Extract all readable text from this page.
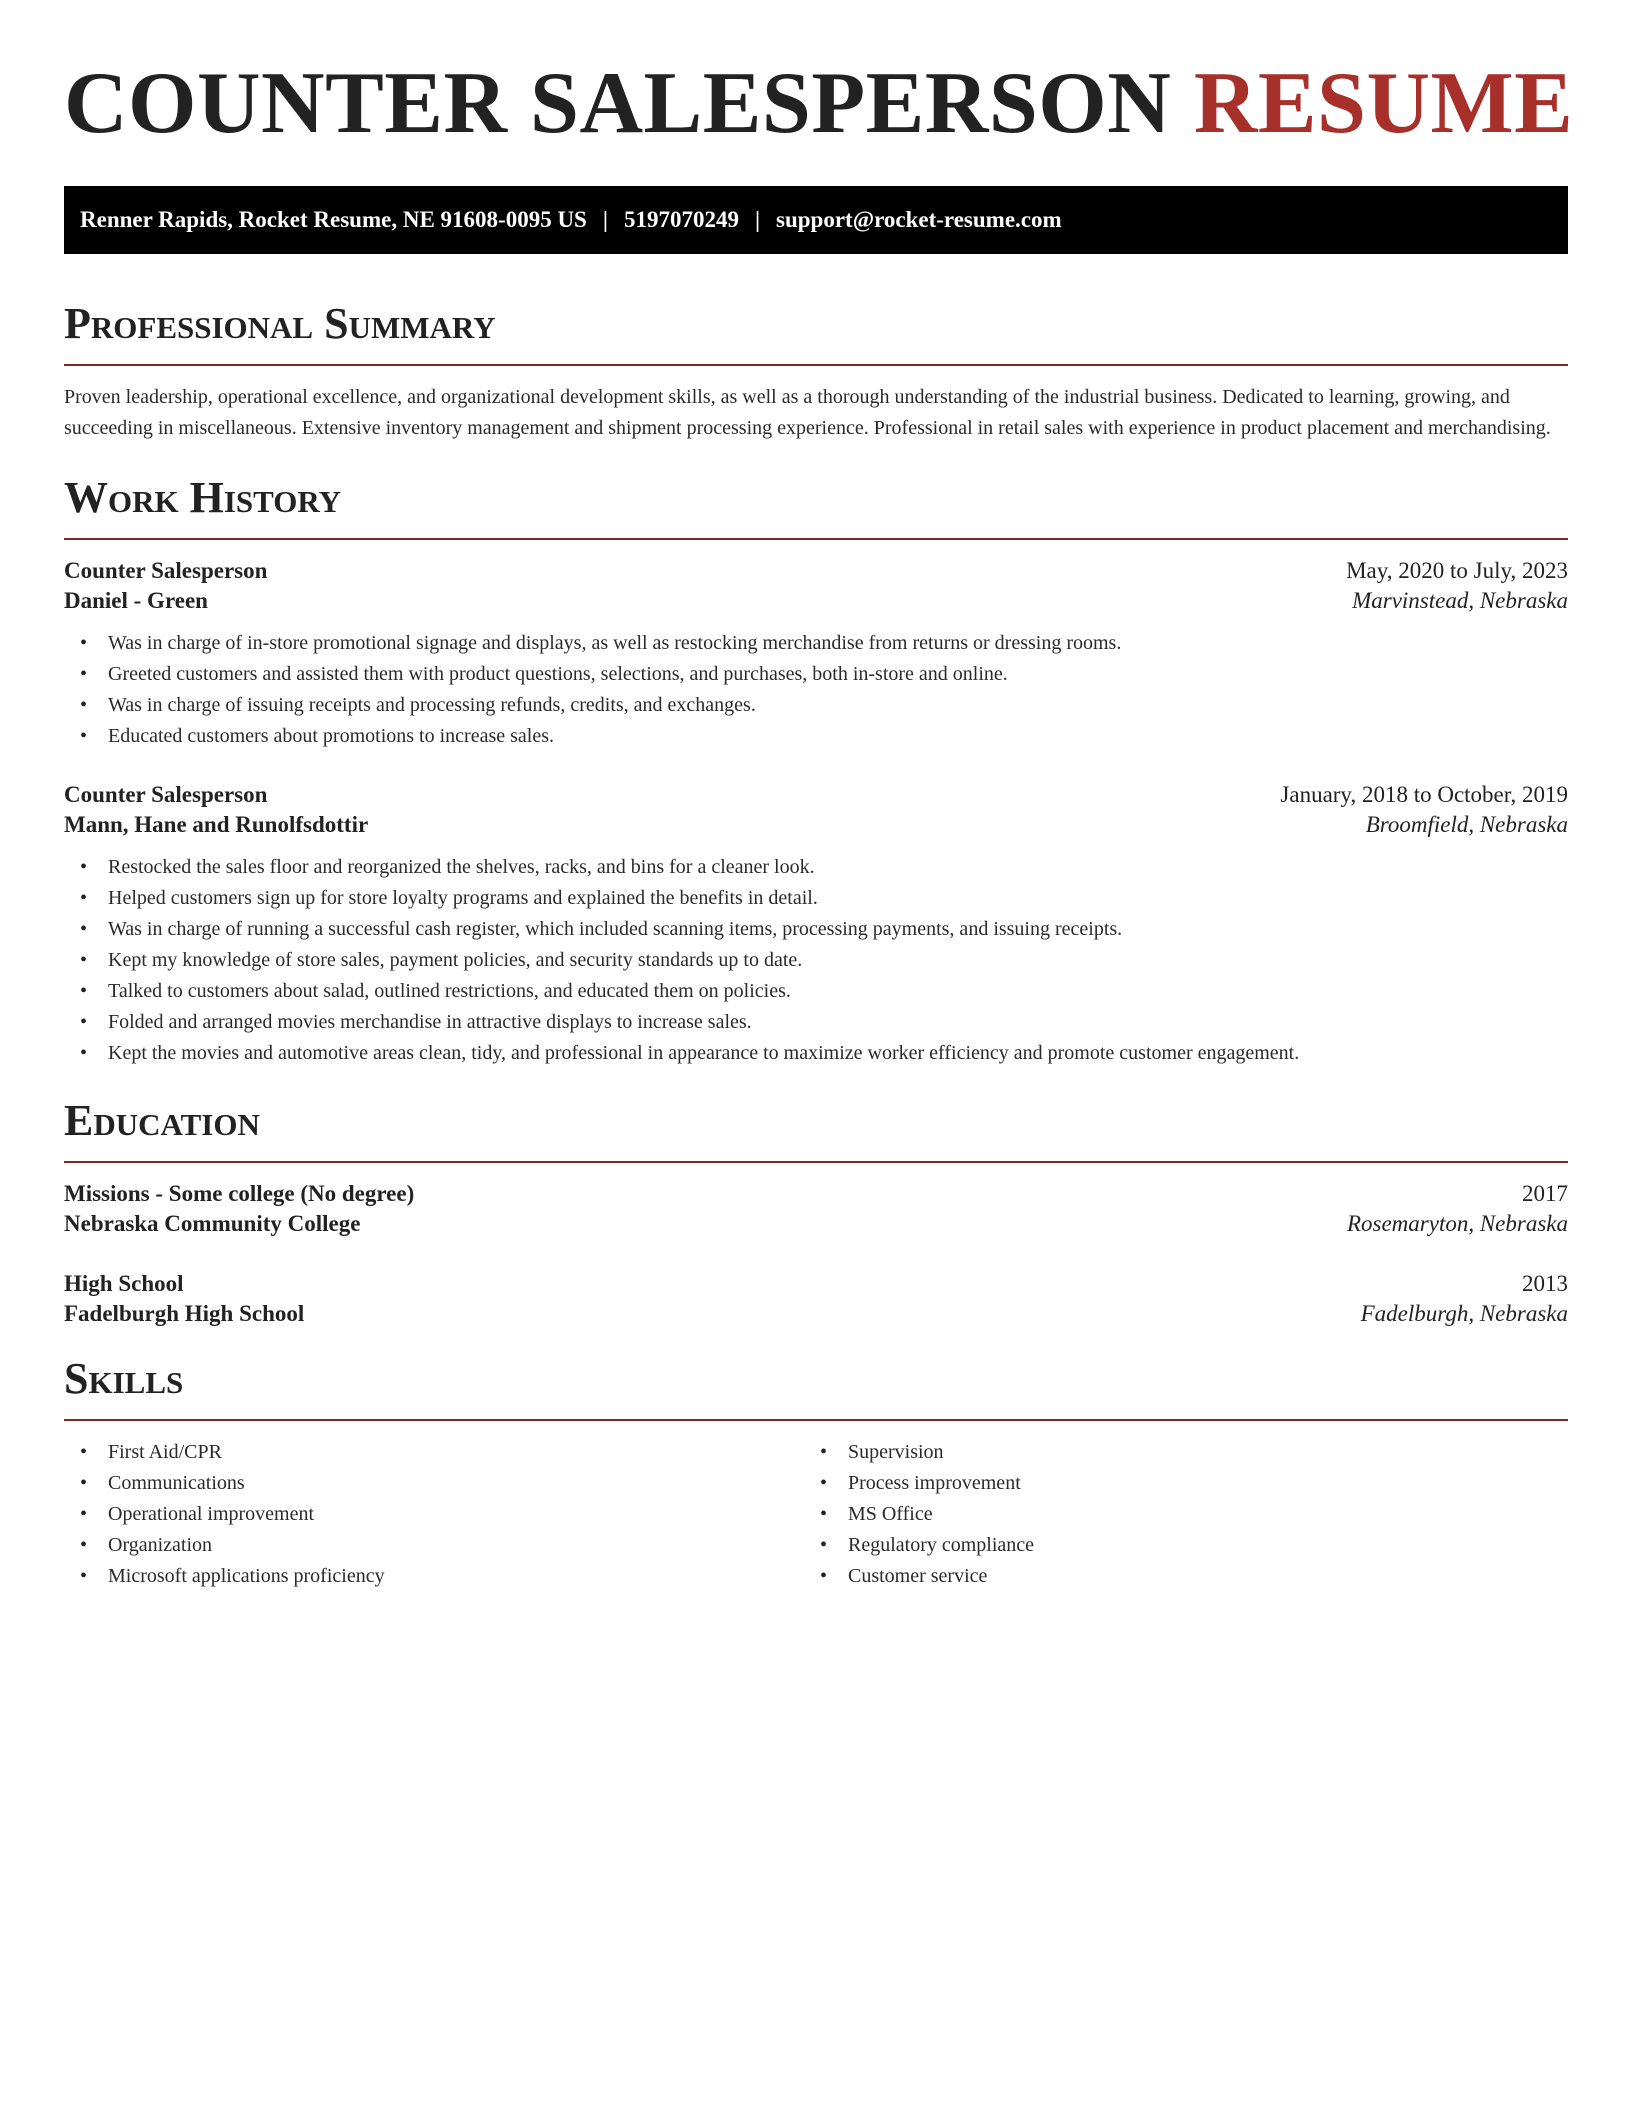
COUNTER SALESPERSON RESUME
Renner Rapids, Rocket Resume, NE 91608-0095 US | 5197070249 | support@rocket-resume.com
Professional Summary

Proven leadership, operational excellence, and organizational development skills, as well as a thorough understanding of the industrial business. Dedicated to learning, growing, and succeeding in miscellaneous. Extensive inventory management and shipment processing experience. Professional in retail sales with experience in product placement and merchandising.

Work History
Counter Salesperson	May, 2020 to July, 2023
Daniel - Green	Marvinstead, Nebraska
• Was in charge of in-store promotional signage and displays, as well as restocking merchandise from returns or dressing rooms.
• Greeted customers and assisted them with product questions, selections, and purchases, both in-store and online.
• Was in charge of issuing receipts and processing refunds, credits, and exchanges.
• Educated customers about promotions to increase sales.
Counter Salesperson	January, 2018 to October, 2019
Mann, Hane and Runolfsdottir	Broomfield, Nebraska
• Restocked the sales floor and reorganized the shelves, racks, and bins for a cleaner look.
• Helped customers sign up for store loyalty programs and explained the benefits in detail.
• Was in charge of running a successful cash register, which included scanning items, processing payments, and issuing receipts.
• Kept my knowledge of store sales, payment policies, and security standards up to date.
• Talked to customers about salad, outlined restrictions, and educated them on policies.
• Folded and arranged movies merchandise in attractive displays to increase sales.
• Kept the movies and automotive areas clean, tidy, and professional in appearance to maximize worker efficiency and promote customer engagement.
Education
Missions - Some college (No degree)	2017
Nebraska Community College	Rosemaryton, Nebraska
High School	2013
Fadelburgh High School	Fadelburgh, Nebraska
Skills
• First Aid/CPR
• Communications
• Operational improvement
• Organization
• Microsoft applications proficiency
• Supervision
• Process improvement
• MS Office
• Regulatory compliance
• Customer service
